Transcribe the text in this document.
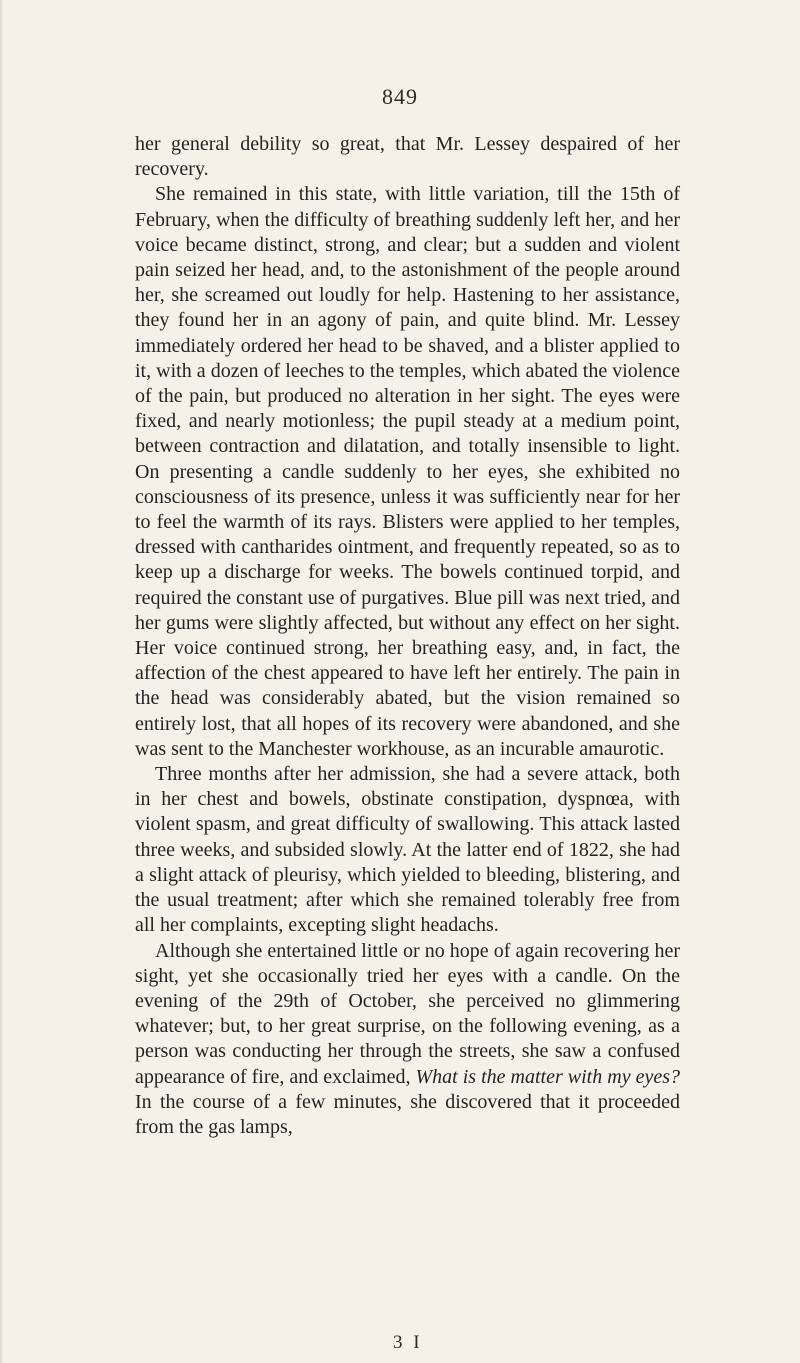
849

her general debility so great, that Mr. Lessey despaired of her recovery.

She remained in this state, with little variation, till the 15th of February, when the difficulty of breathing suddenly left her, and her voice became distinct, strong, and clear; but a sudden and violent pain seized her head, and, to the astonishment of the people around her, she screamed out loudly for help. Hastening to her assistance, they found her in an agony of pain, and quite blind. Mr. Lessey immediately ordered her head to be shaved, and a blister applied to it, with a dozen of leeches to the temples, which abated the violence of the pain, but produced no alteration in her sight. The eyes were fixed, and nearly motionless; the pupil steady at a medium point, between contraction and dilatation, and totally insensible to light. On presenting a candle suddenly to her eyes, she exhibited no consciousness of its presence, unless it was sufficiently near for her to feel the warmth of its rays. Blisters were applied to her temples, dressed with cantharides ointment, and frequently repeated, so as to keep up a discharge for weeks. The bowels continued torpid, and required the constant use of purgatives. Blue pill was next tried, and her gums were slightly affected, but without any effect on her sight. Her voice continued strong, her breathing easy, and, in fact, the affection of the chest appeared to have left her entirely. The pain in the head was considerably abated, but the vision remained so entirely lost, that all hopes of its recovery were abandoned, and she was sent to the Manchester workhouse, as an incurable amaurotic.

Three months after her admission, she had a severe attack, both in her chest and bowels, obstinate constipation, dyspnœa, with violent spasm, and great difficulty of swallowing. This attack lasted three weeks, and subsided slowly. At the latter end of 1822, she had a slight attack of pleurisy, which yielded to bleeding, blistering, and the usual treatment; after which she remained tolerably free from all her complaints, excepting slight headachs.

Although she entertained little or no hope of again recovering her sight, yet she occasionally tried her eyes with a candle. On the evening of the 29th of October, she perceived no glimmering whatever; but, to her great surprise, on the following evening, as a person was conducting her through the streets, she saw a confused appearance of fire, and exclaimed, What is the matter with my eyes? In the course of a few minutes, she discovered that it proceeded from the gas lamps,

3 I
